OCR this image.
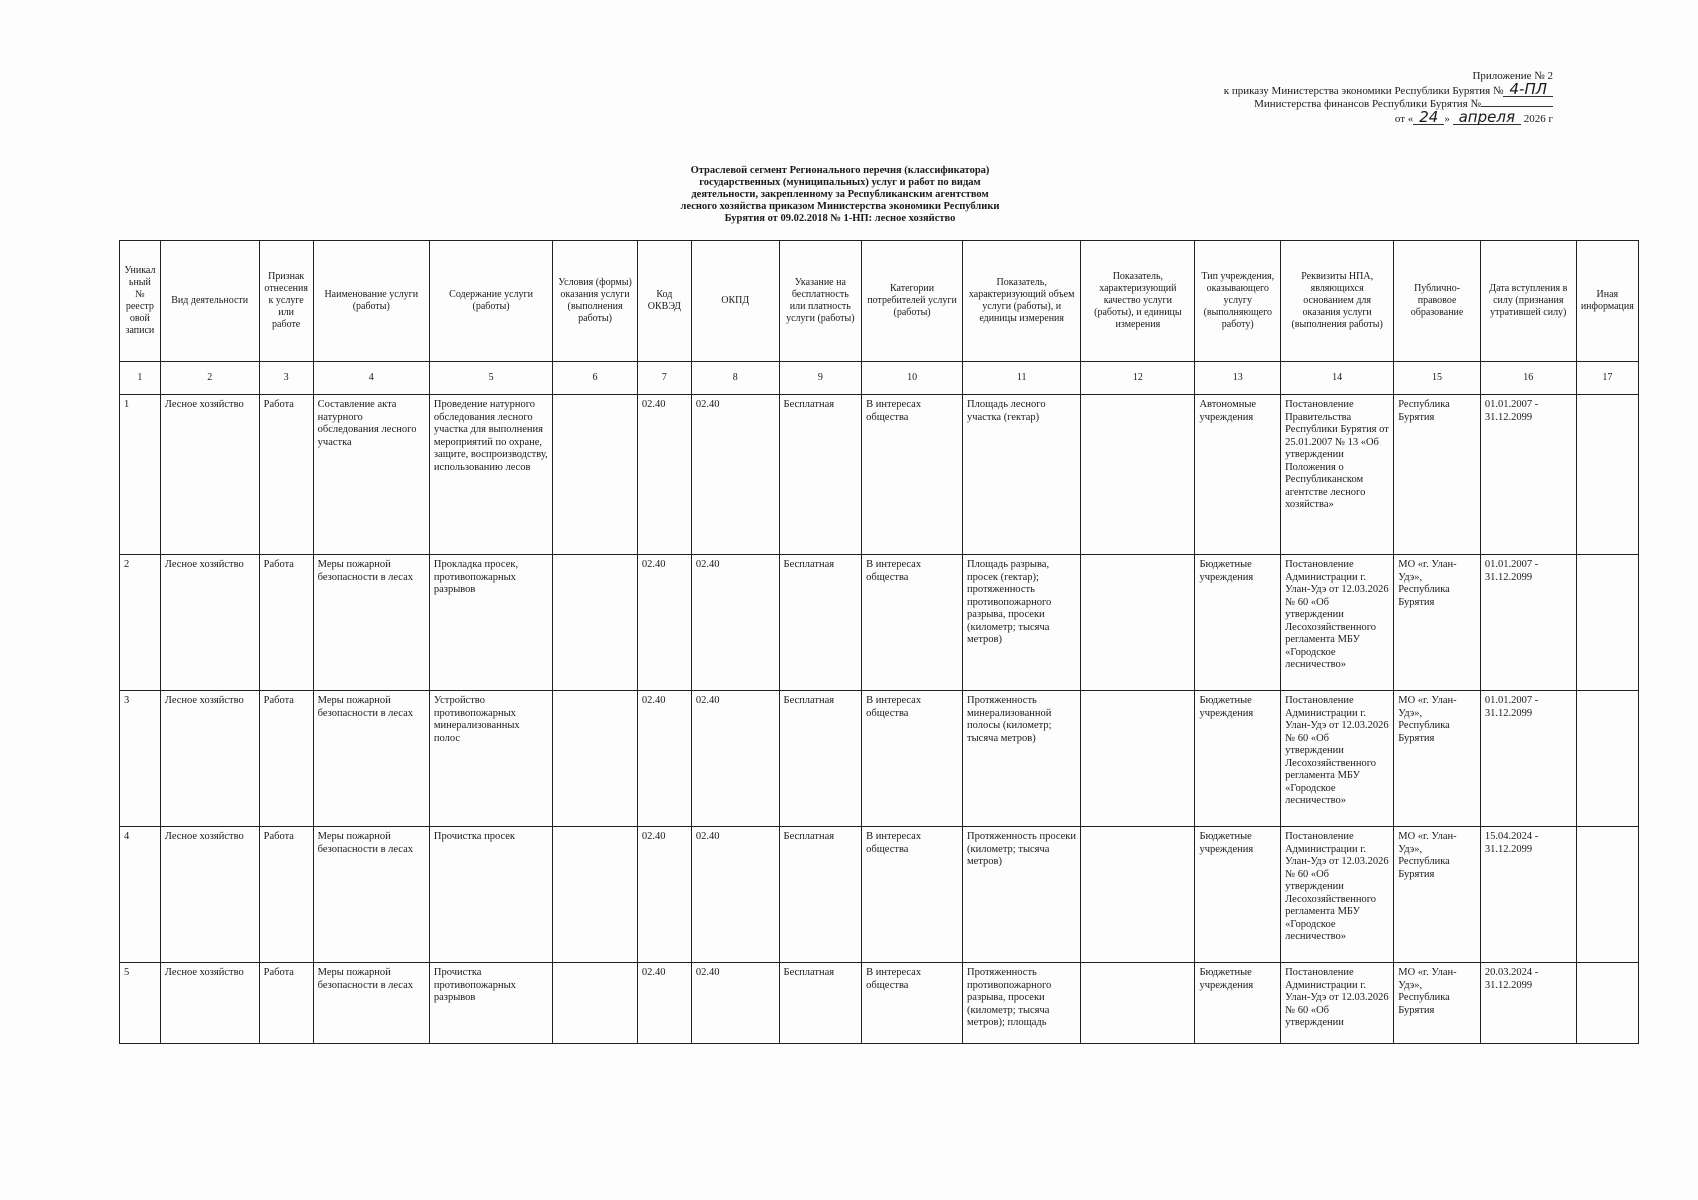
Приложение № 2
к приказу Министерства экономики Республики Бурятия № 4-ПЛ
Министерства финансов Республики Бурятия №
от « 24 » апреля 2026 г
Отраслевой сегмент Регионального перечня (классификатора)
государственных (муниципальных) услуг и работ по видам
деятельности, закрепленному за Республиканским агентством
лесного хозяйства приказом Министерства экономики Республики
Бурятия от 09.02.2018 № 1-НП: лесное хозяйство
Уникальный № реестровой записи	Вид деятельности	Признак отнесения к услуге или работе	Наименование услуги (работы)	Содержание услуги (работы)	Условия (формы) оказания услуги (выполнения работы)	Код ОКВЭД	ОКПД	Указание на бесплатность или платность услуги (работы)	Категории потребителей услуги (работы)	Показатель, характеризующий объем услуги (работы), и единицы измерения	Показатель, характеризующий качество услуги (работы), и единицы измерения	Тип учреждения, оказывающего услугу (выполняющего работу)	Реквизиты НПА, являющихся основанием для оказания услуги (выполнения работы)	Публично-правовое образование	Дата вступления в силу (признания утратившей силу)	Иная информация
1	2	3	4	5	6	7	8	9	10	11	12	13	14	15	16	17
1	Лесное хозяйство	Работа	Составление акта натурного обследования лесного участка	Проведение натурного обследования лесного участка для выполнения мероприятий по охране, защите, воспроизводству, использованию лесов		02.40	02.40	Бесплатная	В интересах общества	Площадь лесного участка (гектар)		Автономные учреждения	Постановление Правительства Республики Бурятия от 25.01.2007 № 13 «Об утверждении Положения о Республиканском агентстве лесного хозяйства»	Республика Бурятия	01.01.2007 - 31.12.2099	
2	Лесное хозяйство	Работа	Меры пожарной безопасности в лесах	Прокладка просек, противопожарных разрывов		02.40	02.40	Бесплатная	В интересах общества	Площадь разрыва, просек (гектар); протяженность противопожарного разрыва, просеки (километр; тысяча метров)		Бюджетные учреждения	Постановление Администрации г. Улан-Удэ от 12.03.2026 № 60 «Об утверждении Лесохозяйственного регламента МБУ «Городское лесничество»	МО «г. Улан-Удэ», Республика Бурятия	01.01.2007 - 31.12.2099	
3	Лесное хозяйство	Работа	Меры пожарной безопасности в лесах	Устройство противопожарных минерализованных полос		02.40	02.40	Бесплатная	В интересах общества	Протяженность минерализованной полосы (километр; тысяча метров)		Бюджетные учреждения	Постановление Администрации г. Улан-Удэ от 12.03.2026 № 60 «Об утверждении Лесохозяйственного регламента МБУ «Городское лесничество»	МО «г. Улан-Удэ», Республика Бурятия	01.01.2007 - 31.12.2099	
4	Лесное хозяйство	Работа	Меры пожарной безопасности в лесах	Прочистка просек		02.40	02.40	Бесплатная	В интересах общества	Протяженность просеки (километр; тысяча метров)		Бюджетные учреждения	Постановление Администрации г. Улан-Удэ от 12.03.2026 № 60 «Об утверждении Лесохозяйственного регламента МБУ «Городское лесничество»	МО «г. Улан-Удэ», Республика Бурятия	15.04.2024 - 31.12.2099	
5	Лесное хозяйство	Работа	Меры пожарной безопасности в лесах	Прочистка противопожарных разрывов		02.40	02.40	Бесплатная	В интересах общества	Протяженность противопожарного разрыва, просеки (километр; тысяча метров); площадь		Бюджетные учреждения	Постановление Администрации г. Улан-Удэ от 12.03.2026 № 60 «Об утверждении	МО «г. Улан-Удэ», Республика Бурятия	20.03.2024 - 31.12.2099	
